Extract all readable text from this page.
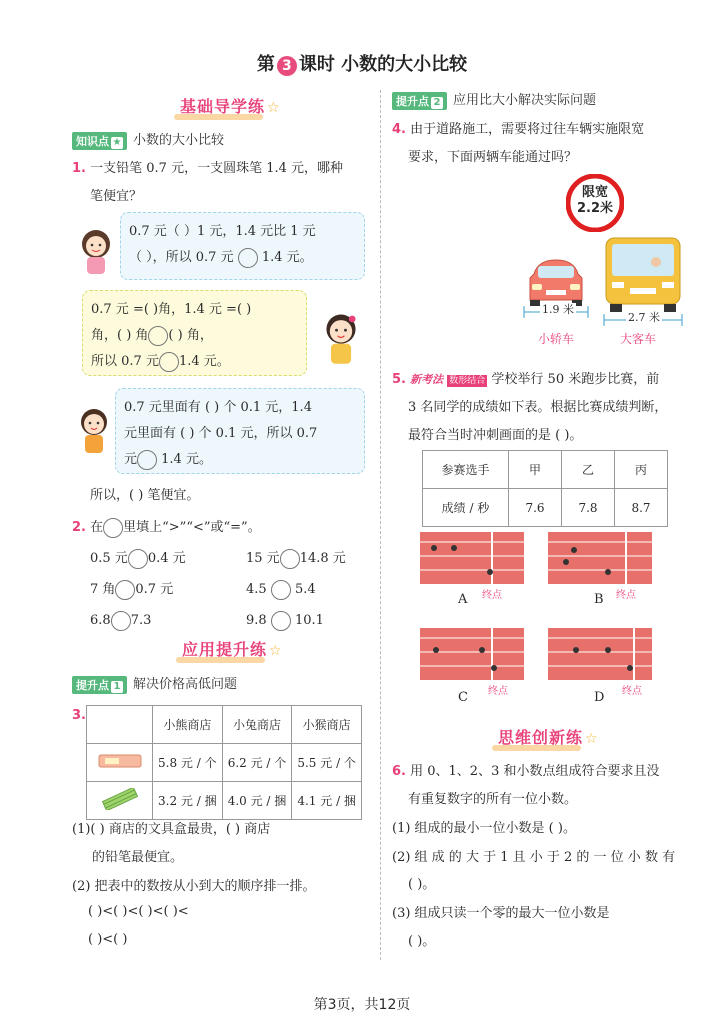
第 3 课时 小数的大小比较
基础导学练 ☆
知识点 ★ 小数的大小比较
1. 一支铅笔 0.7 元，一支圆珠笔 1.4 元，哪种
笔便宜？
0.7 元（ ）1 元，1.4 元比 1 元
（ ），所以 0.7 元 1.4 元。
0.7 元 =( )角，1.4 元 =( )
角，( ) 角 ( ) 角，
所以 0.7 元 1.4 元。
0.7 元里面有 ( ) 个 0.1 元，1.4
元里面有 ( ) 个 0.1 元，所以 0.7
元 1.4 元。
所以，( ) 笔便宜。
2. 在 里填上“>”“<”或“=”。
0.5 元 0.4 元	15 元 14.8 元
7 角 0.7 元	4.5 5.4
6.8 7.3	9.8 10.1
应用提升练 ☆
提升点 1 解决价格高低问题
3.
	小熊商店	小兔商店	小猴商店
	5.8 元 / 个	6.2 元 / 个	5.5 元 / 个
	3.2 元 / 捆	4.0 元 / 捆	4.1 元 / 捆
(1)( ) 商店的文具盒最贵，( ) 商店
的铅笔最便宜。
(2) 把表中的数按从小到大的顺序排一排。
( )<( )<( )<( )<
( )<( )
提升点 2 应用比大小解决实际问题
4. 由于道路施工，需要将过往车辆实施限宽
要求，下面两辆车能通过吗？
限宽
2.2米
1.9 米
小轿车
2.7 米
大客车
5. 新考法 数形结合 学校举行 50 米跑步比赛，前
3 名同学的成绩如下表。根据比赛成绩判断，
最符合当时冲刺画面的是 ( )。
参赛选手	甲	乙	丙
成绩 / 秒	7.6	7.8	8.7
终点	终点
终点	终点
A	B
C	D
思维创新练 ☆
6. 用 0、1、2、3 和小数点组成符合要求且没
有重复数字的所有一位小数。
(1) 组成的最小一位小数是 ( )。
(2) 组 成 的 大 于 1 且 小 于 2 的 一 位 小 数 有
( )。
(3) 组成只读一个零的最大一位小数是
( )。
第3页，共12页
